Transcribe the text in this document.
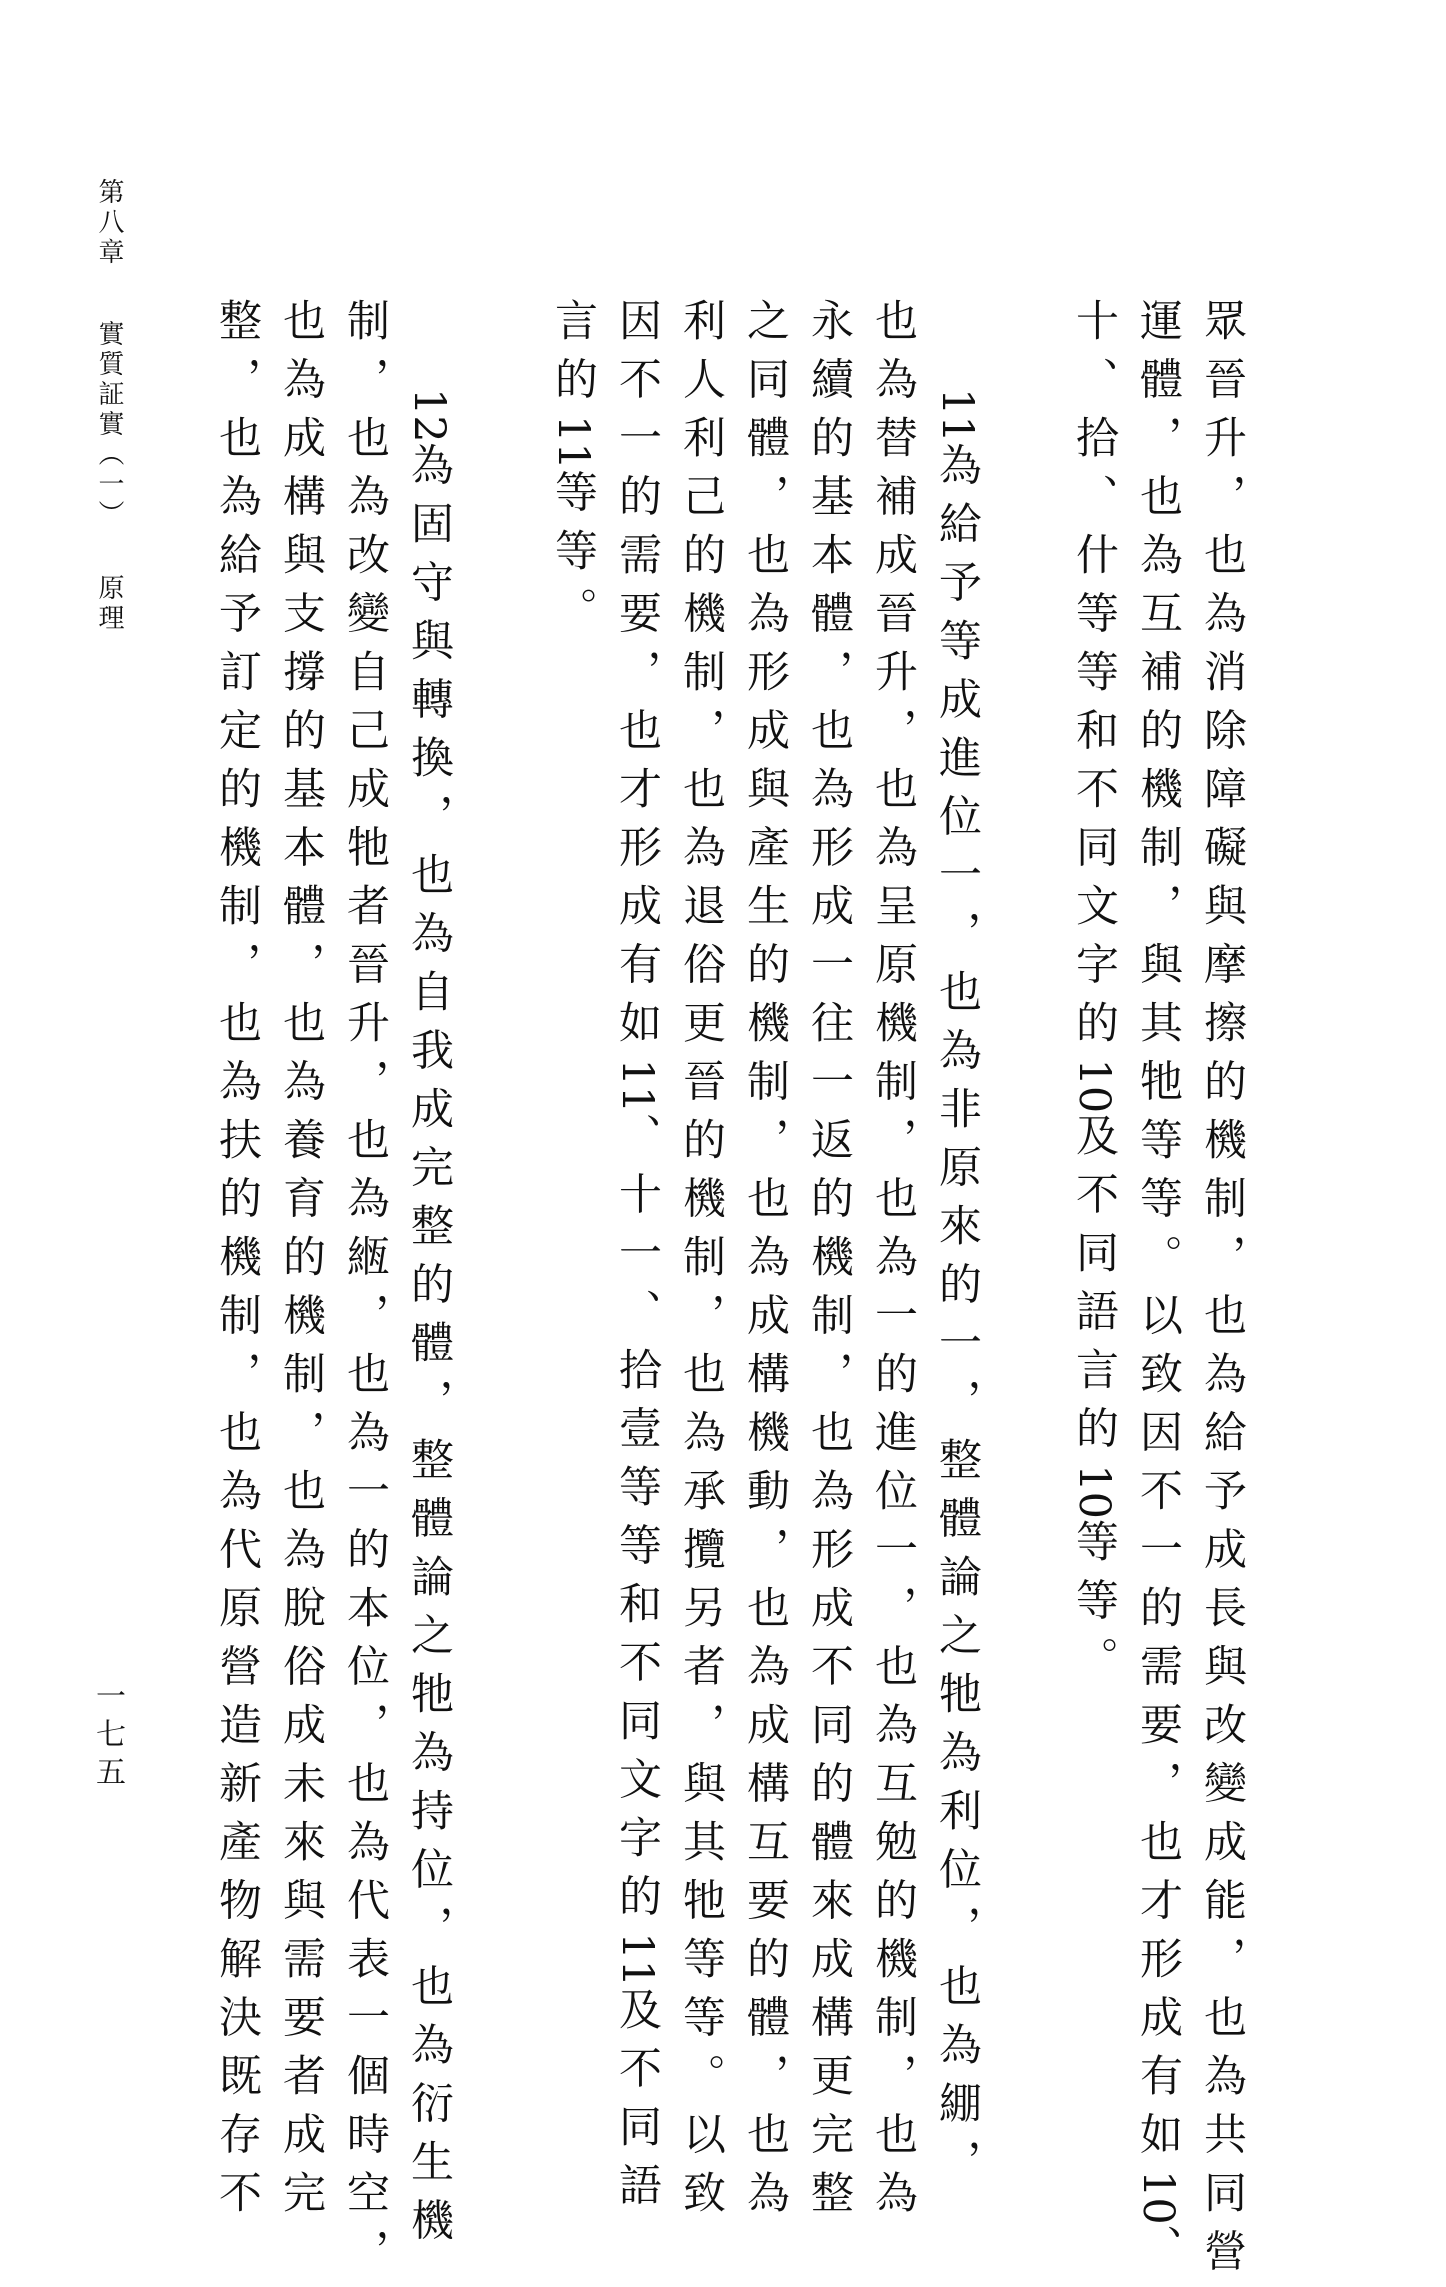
第八章
實質証實（一）
原理
一七五	眾晉升，也為消除障礙與摩擦的機制，也為給予成長與改變成能，也為共同營
運體，也為互補的機制，與其牠等等。以致因不一的需要，也才形成有如10、
十、拾、什等等和不同文字的10及不同語言的10等等。
11為給予等成進位一，也為非原來的一，整體論之牠為利位，也為綳，
也為替補成晉升，也為呈原機制，也為一的進位一，也為互勉的機制，也為
永續的基本體，也為形成一往一返的機制，也為形成不同的體來成構更完整
之同體，也為形成與產生的機制，也為成構機動，也為成構互要的體，也為
利人利己的機制，也為退俗更晉的機制，也為承攬另者，與其牠等等。以致
因不一的需要，也才形成有如11、十一、拾壹等等和不同文字的11及不同語
言的11等等。
12為固守與轉換，也為自我成完整的體，整體論之牠為持位，也為衍生機
制，也為改變自己成牠者晉升，也為緪，也為一的本位，也為代表一個時空，
也為成構與支撐的基本體，也為養育的機制，也為脫俗成未來與需要者成完
整，也為給予訂定的機制，也為扶的機制，也為代原營造新產物解決既存不
